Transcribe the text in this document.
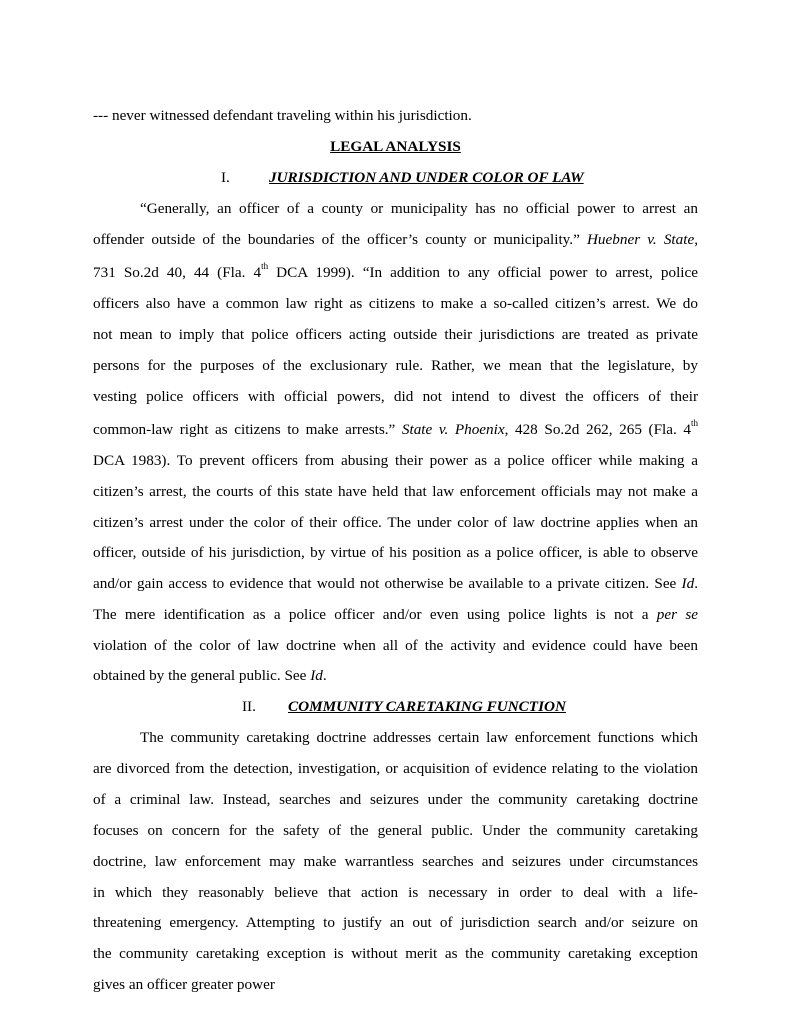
--- never witnessed defendant traveling within his jurisdiction.
LEGAL ANALYSIS
I.	JURISDICTION AND UNDER COLOR OF LAW
“Generally, an officer of a county or municipality has no official power to arrest an
offender outside of the boundaries of the officer’s county or municipality.” Huebner v. State,
731 So.2d 40, 44 (Fla. 4th DCA 1999). “In addition to any official power to arrest, police
officers also have a common law right as citizens to make a so-called citizen’s arrest. We do
not mean to imply that police officers acting outside their jurisdictions are treated as private
persons for the purposes of the exclusionary rule. Rather, we mean that the legislature, by
vesting police officers with official powers, did not intend to divest the officers of their
common-law right as citizens to make arrests.” State v. Phoenix, 428 So.2d 262, 265 (Fla. 4th
DCA 1983). To prevent officers from abusing their power as a police officer while making a
citizen’s arrest, the courts of this state have held that law enforcement officials may not make a
citizen’s arrest under the color of their office. The under color of law doctrine applies when an
officer, outside of his jurisdiction, by virtue of his position as a police officer, is able to observe
and/or gain access to evidence that would not otherwise be available to a private citizen. See Id.
The mere identification as a police officer and/or even using police lights is not a per se
violation of the color of law doctrine when all of the activity and evidence could have been
obtained by the general public. See Id.
II. COMMUNITY CARETAKING FUNCTION
The community caretaking doctrine addresses certain law enforcement functions which
are divorced from the detection, investigation, or acquisition of evidence relating to the violation
of a criminal law. Instead, searches and seizures under the community caretaking doctrine
focuses on concern for the safety of the general public. Under the community caretaking
doctrine, law enforcement may make warrantless searches and seizures under circumstances
in which they reasonably believe that action is necessary in order to deal with a life-
threatening emergency. Attempting to justify an out of jurisdiction search and/or seizure on
the community caretaking exception is without merit as the community caretaking exception
gives an officer greater power
